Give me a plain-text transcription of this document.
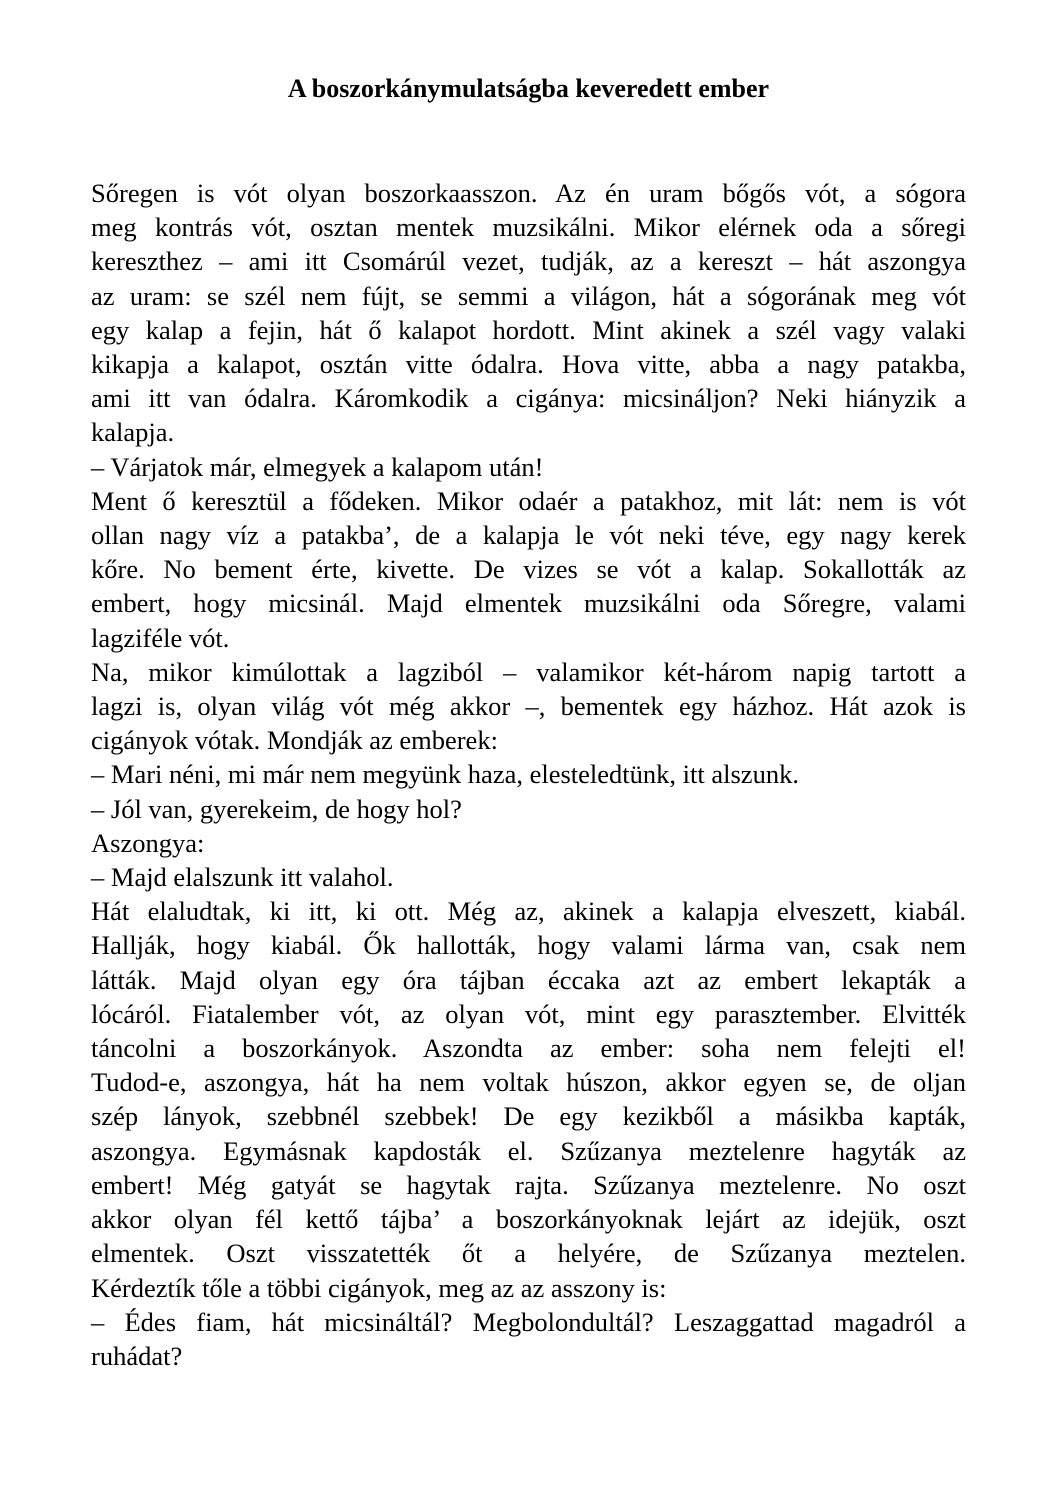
A boszorkánymulatságba keveredett ember

Sőregen is vót olyan boszorkaasszon. Az én uram bőgős vót, a sógora
meg kontrás vót, osztan mentek muzsikálni. Mikor elérnek oda a sőregi
kereszthez – ami itt Csomárúl vezet, tudják, az a kereszt – hát aszongya
az uram: se szél nem fújt, se semmi a világon, hát a sógorának meg vót
egy kalap a fejin, hát ő kalapot hordott. Mint akinek a szél vagy valaki
kikapja a kalapot, osztán vitte ódalra. Hova vitte, abba a nagy patakba,
ami itt van ódalra. Káromkodik a cigánya: micsináljon? Neki hiányzik a
kalapja.

– Várjatok már, elmegyek a kalapom után!

Ment ő keresztül a fődeken. Mikor odaér a patakhoz, mit lát: nem is vót
ollan nagy víz a patakba’, de a kalapja le vót neki téve, egy nagy kerek
kőre. No bement érte, kivette. De vizes se vót a kalap. Sokallották az
embert, hogy micsinál. Majd elmentek muzsikálni oda Sőregre, valami
lagziféle vót.

Na, mikor kimúlottak a lagziból – valamikor két-három napig tartott a
lagzi is, olyan világ vót még akkor –, bementek egy házhoz. Hát azok is
cigányok vótak. Mondják az emberek:

– Mari néni, mi már nem megyünk haza, elesteledtünk, itt alszunk.

– Jól van, gyerekeim, de hogy hol?

Aszongya:

– Majd elalszunk itt valahol.

Hát elaludtak, ki itt, ki ott. Még az, akinek a kalapja elveszett, kiabál.
Hallják, hogy kiabál. Ők hallották, hogy valami lárma van, csak nem
látták. Majd olyan egy óra tájban éccaka azt az embert lekapták a
lócáról. Fiatalember vót, az olyan vót, mint egy parasztember. Elvitték
táncolni a boszorkányok. Aszondta az ember: soha nem felejti el!
Tudod-e, aszongya, hát ha nem voltak húszon, akkor egyen se, de oljan
szép lányok, szebbnél szebbek! De egy kezikből a másikba kapták,
aszongya. Egymásnak kapdosták el. Szűzanya meztelenre hagyták az
embert! Még gatyát se hagytak rajta. Szűzanya meztelenre. No oszt
akkor olyan fél kettő tájba’ a boszorkányoknak lejárt az idejük, oszt
elmentek. Oszt visszatették őt a helyére, de Szűzanya meztelen.
Kérdeztík tőle a többi cigányok, meg az az asszony is:

– Édes fiam, hát micsináltál? Megbolondultál? Leszaggattad magadról a
ruhádat?
